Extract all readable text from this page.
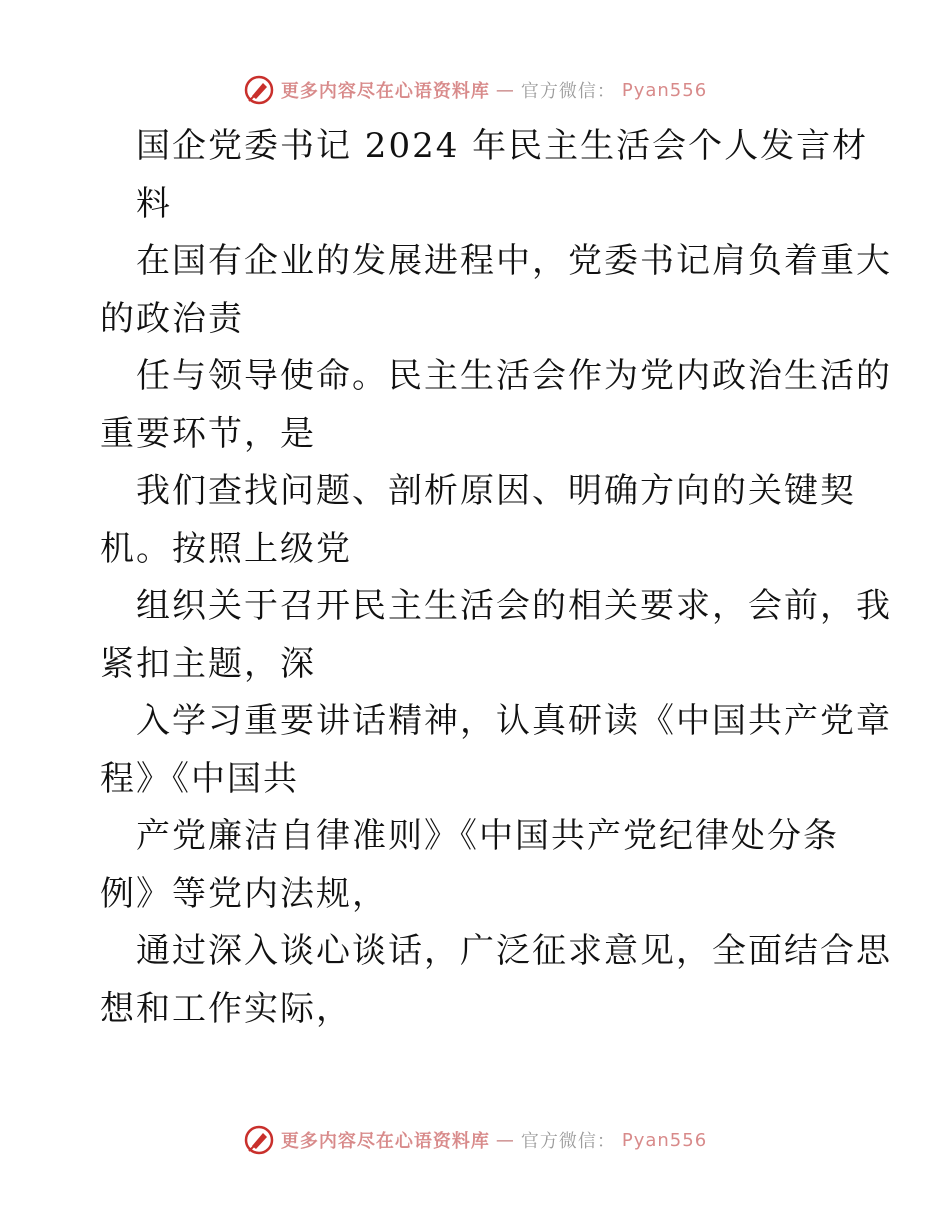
更多内容尽在心语资料库 — 官方微信： Pyan556
国企党委书记 2024 年民主生活会个人发言材
料
在国有企业的发展进程中，党委书记肩负着重大
的政治责
任与领导使命。民主生活会作为党内政治生活的
重要环节，是
我们查找问题、剖析原因、明确方向的关键契
机。按照上级党
组织关于召开民主生活会的相关要求，会前，我
紧扣主题，深
入学习重要讲话精神，认真研读《中国共产党章
程》《中国共
产党廉洁自律准则》《中国共产党纪律处分条
例》等党内法规，
通过深入谈心谈话，广泛征求意见，全面结合思
想和工作实际，
更多内容尽在心语资料库 — 官方微信： Pyan556
